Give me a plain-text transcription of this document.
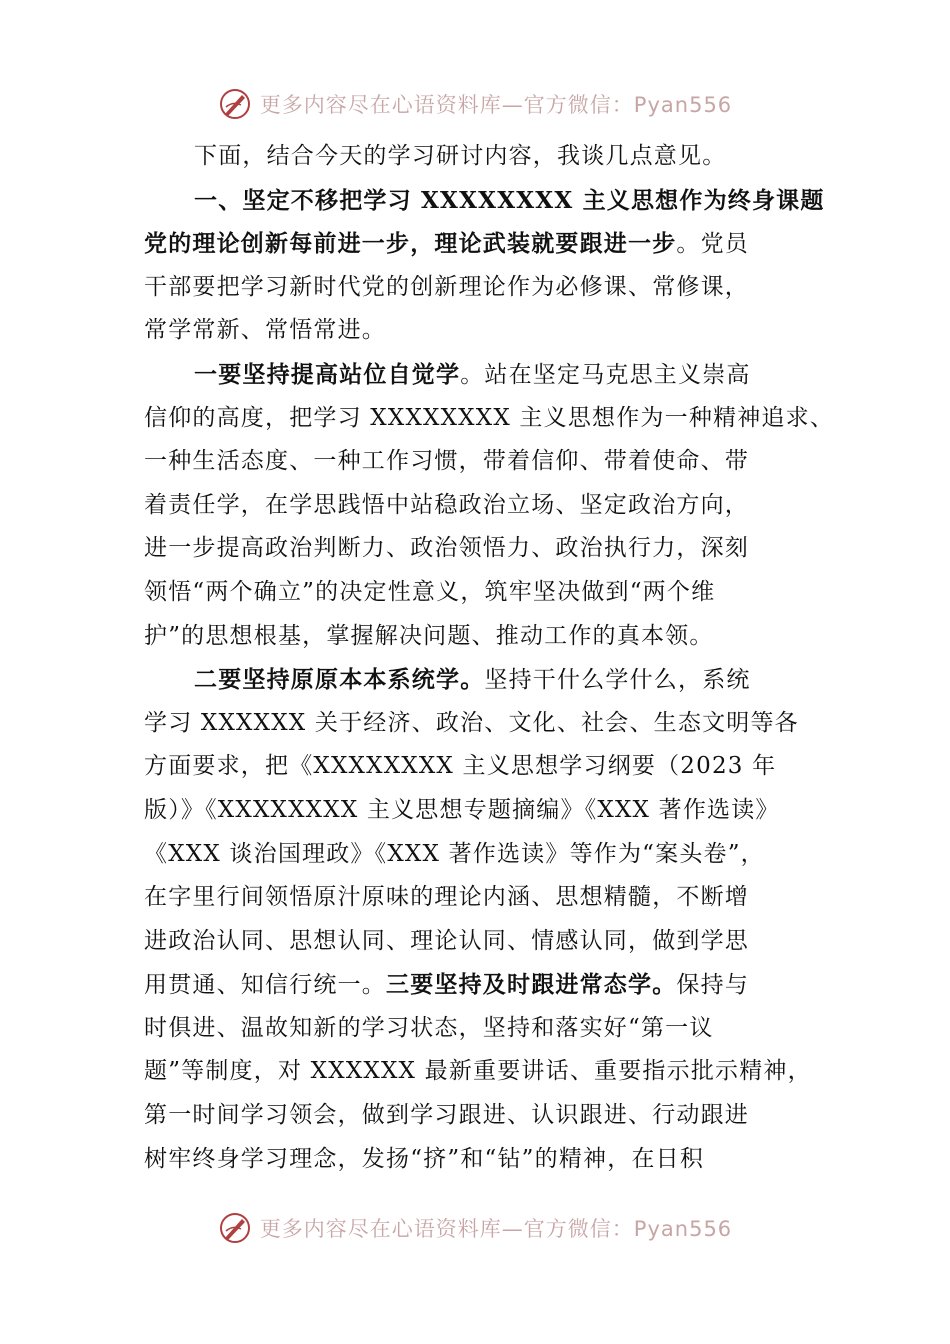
更多内容尽在心语资料库—官方微信：Pyan556
下面，结合今天的学习研讨内容，我谈几点意见。
一、坚定不移把学习 XXXXXXXX 主义思想作为终身课题
党的理论创新每前进一步，理论武装就要跟进一步。党员
干部要把学习新时代党的创新理论作为必修课、常修课，
常学常新、常悟常进。
一要坚持提高站位自觉学。站在坚定马克思主义崇高
信仰的高度，把学习 XXXXXXXX 主义思想作为一种精神追求、
一种生活态度、一种工作习惯，带着信仰、带着使命、带
着责任学，在学思践悟中站稳政治立场、坚定政治方向，
进一步提高政治判断力、政治领悟力、政治执行力，深刻
领悟“两个确立”的决定性意义，筑牢坚决做到“两个维
护”的思想根基，掌握解决问题、推动工作的真本领。
二要坚持原原本本系统学。坚持干什么学什么，系统
学习 XXXXXX 关于经济、政治、文化、社会、生态文明等各
方面要求，把《XXXXXXXX 主义思想学习纲要（2023 年
版）》《XXXXXXXX 主义思想专题摘编》《XXX 著作选读》
《XXX 谈治国理政》《XXX 著作选读》等作为“案头卷”，
在字里行间领悟原汁原味的理论内涵、思想精髓，不断增
进政治认同、思想认同、理论认同、情感认同，做到学思
用贯通、知信行统一。三要坚持及时跟进常态学。保持与
时俱进、温故知新的学习状态，坚持和落实好“第一议
题”等制度，对 XXXXXX 最新重要讲话、重要指示批示精神，
第一时间学习领会，做到学习跟进、认识跟进、行动跟进
树牢终身学习理念，发扬“挤”和“钻”的精神，在日积
更多内容尽在心语资料库—官方微信：Pyan556
